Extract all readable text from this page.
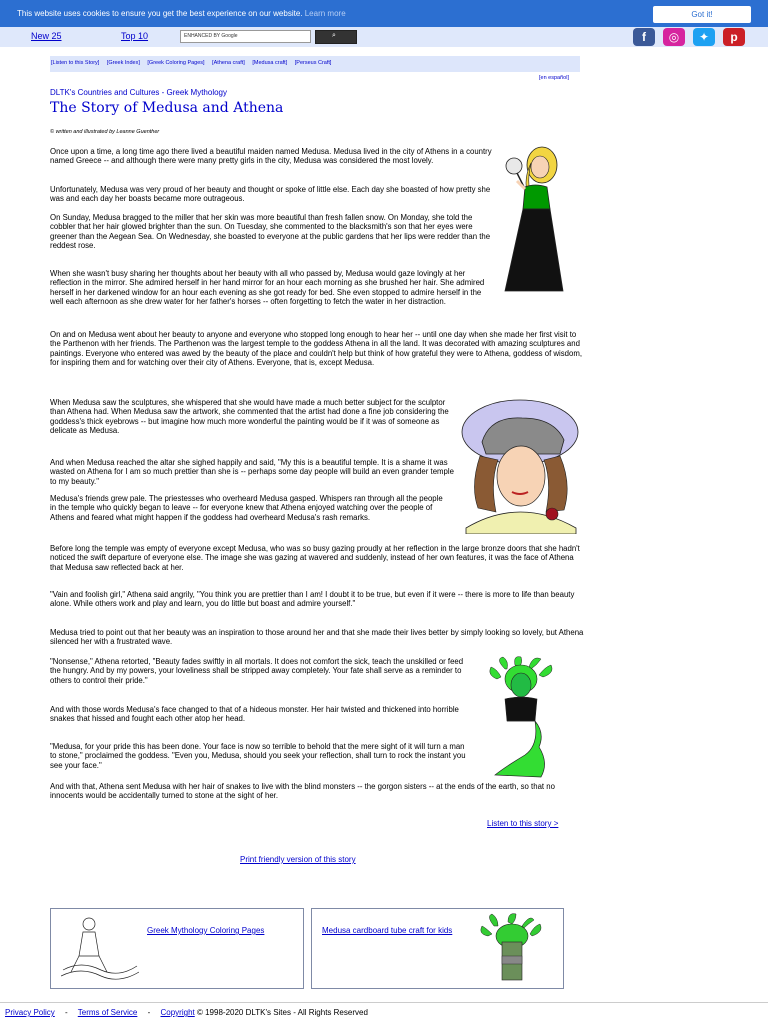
This website uses cookies to ensure you get the best experience on our website. Learn more	Got it!
New 25	Top 10	ENHANCED BY Google	⌕	f	◎	✦	p
[Listen to this Story] [Greek Index] [Greek Coloring Pages] [Athena craft] [Medusa craft] [Perseus Craft]
[en español]
DLTK's Countries and Cultures - Greek Mythology
The Story of Medusa and Athena
© written and illustrated by Leanne Guenther

Once upon a time, a long time ago there lived a beautiful maiden named Medusa. Medusa lived in the city of Athens in a country named Greece -- and although there were many pretty girls in the city, Medusa was considered the most lovely.

Unfortunately, Medusa was very proud of her beauty and thought or spoke of little else. Each day she boasted of how pretty she was and each day her boasts became more outrageous.

On Sunday, Medusa bragged to the miller that her skin was more beautiful than fresh fallen snow. On Monday, she told the cobbler that her hair glowed brighter than the sun. On Tuesday, she commented to the blacksmith's son that her eyes were greener than the Aegean Sea. On Wednesday, she boasted to everyone at the public gardens that her lips were redder than the reddest rose.

When she wasn't busy sharing her thoughts about her beauty with all who passed by, Medusa would gaze lovingly at her reflection in the mirror. She admired herself in her hand mirror for an hour each morning as she brushed her hair. She admired herself in her darkened window for an hour each evening as she got ready for bed. She even stopped to admire herself in the well each afternoon as she drew water for her father's horses -- often forgetting to fetch the water in her distraction.

On and on Medusa went about her beauty to anyone and everyone who stopped long enough to hear her -- until one day when she made her first visit to the Parthenon with her friends. The Parthenon was the largest temple to the goddess Athena in all the land. It was decorated with amazing sculptures and paintings. Everyone who entered was awed by the beauty of the place and couldn't help but think of how grateful they were to Athena, goddess of wisdom, for inspiring them and for watching over their city of Athens. Everyone, that is, except Medusa.

When Medusa saw the sculptures, she whispered that she would have made a much better subject for the sculptor than Athena had. When Medusa saw the artwork, she commented that the artist had done a fine job considering the goddess's thick eyebrows -- but imagine how much more wonderful the painting would be if it was of someone as delicate as Medusa.

And when Medusa reached the altar she sighed happily and said, "My this is a beautiful temple. It is a shame it was wasted on Athena for I am so much prettier than she is -- perhaps some day people will build an even grander temple to my beauty."

Medusa's friends grew pale. The priestesses who overheard Medusa gasped. Whispers ran through all the people in the temple who quickly began to leave -- for everyone knew that Athena enjoyed watching over the people of Athens and feared what might happen if the goddess had overheard Medusa's rash remarks.

Before long the temple was empty of everyone except Medusa, who was so busy gazing proudly at her reflection in the large bronze doors that she hadn't noticed the swift departure of everyone else. The image she was gazing at wavered and suddenly, instead of her own features, it was the face of Athena that Medusa saw reflected back at her.

"Vain and foolish girl," Athena said angrily, "You think you are prettier than I am! I doubt it to be true, but even if it were -- there is more to life than beauty alone. While others work and play and learn, you do little but boast and admire yourself."

Medusa tried to point out that her beauty was an inspiration to those around her and that she made their lives better by simply looking so lovely, but Athena silenced her with a frustrated wave.

"Nonsense," Athena retorted, "Beauty fades swiftly in all mortals. It does not comfort the sick, teach the unskilled or feed the hungry. And by my powers, your loveliness shall be stripped away completely. Your fate shall serve as a reminder to others to control their pride."

And with those words Medusa's face changed to that of a hideous monster. Her hair twisted and thickened into horrible snakes that hissed and fought each other atop her head.

"Medusa, for your pride this has been done. Your face is now so terrible to behold that the mere sight of it will turn a man to stone," proclaimed the goddess. "Even you, Medusa, should you seek your reflection, shall turn to rock the instant you see your face."

And with that, Athena sent Medusa with her hair of snakes to live with the blind monsters -- the gorgon sisters -- at the ends of the earth, so that no innocents would be accidentally turned to stone at the sight of her.

Listen to this story >
Print friendly version of this story
Greek Mythology Coloring Pages	Medusa cardboard tube craft for kids
Privacy Policy - Terms of Service - Copyright © 1998-2020 DLTK's Sites - All Rights Reserved
